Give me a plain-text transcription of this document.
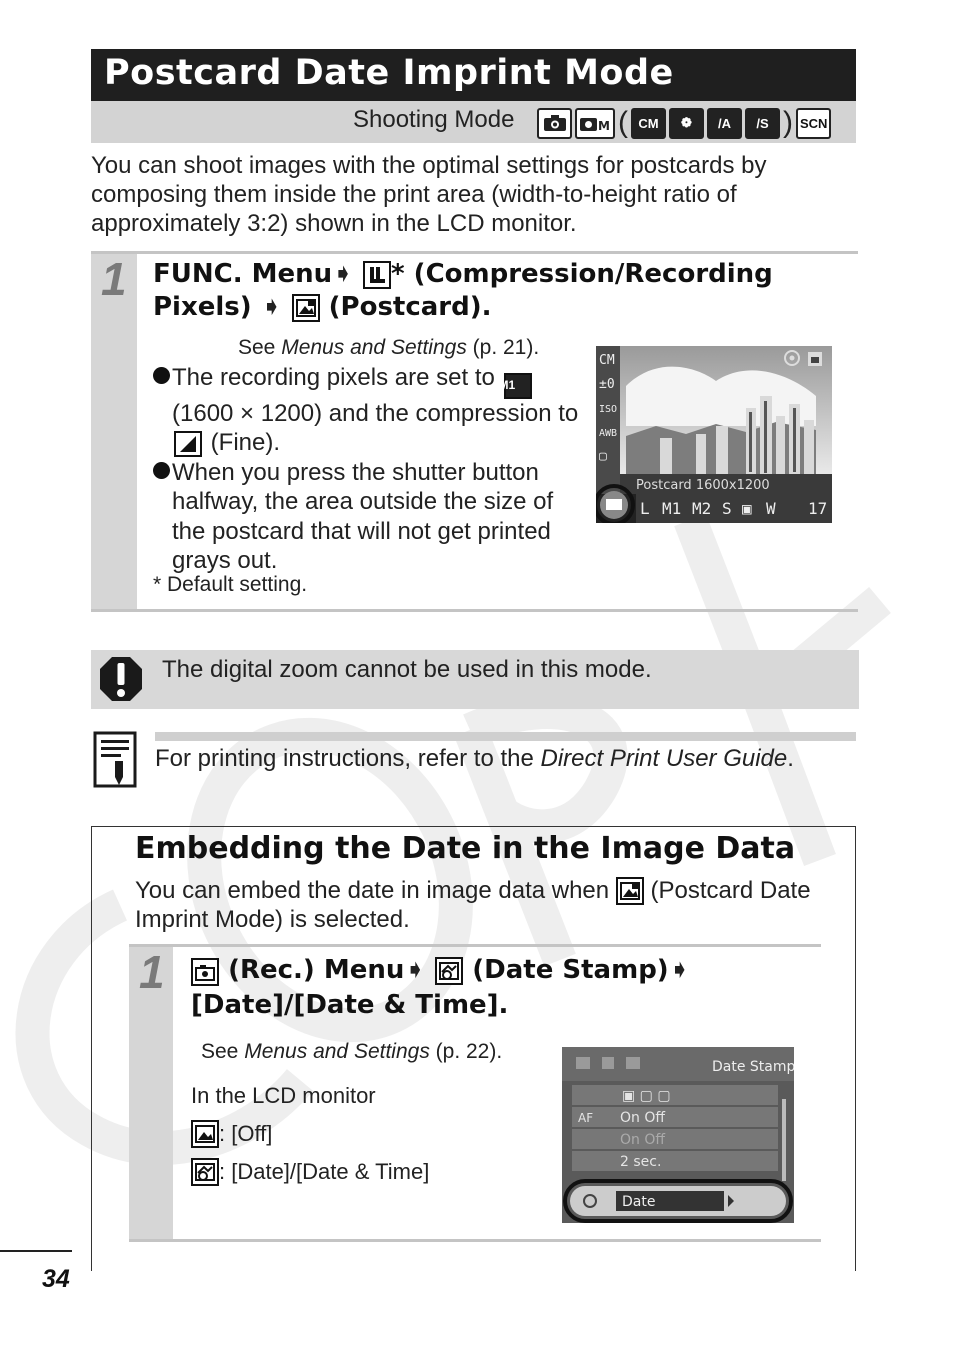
Postcard Date Imprint Mode
Shooting Mode	M ( CM	❁	/A	/S ) SCN

You can shoot images with the optimal settings for postcards by composing them inside the print area (width-to-height ratio of approximately 3:2) shown in the LCD monitor.

1 FUNC. Menu➧ * (Compression/Recording
Pixels) ➧ (Postcard).
See Menus and Settings (p. 21).
The recording pixels are set to M1 (1600 × 1200) and the compression to
(Fine).
When you press the shutter button halfway, the area outside the size of the postcard that will not get printed grays out.
* Default setting.
CM
±0
ISO
AWB
▢
Postcard 1600x1200
L M1 M2 S ▣ W 17
The digital zoom cannot be used in this mode.
For printing instructions, refer to the Direct Print User Guide.
Embedding the Date in the Image Data
You can embed the date in image data when (Postcard Date Imprint Mode) is selected.
1	(Rec.) Menu➧ (Date Stamp)➧
[Date]/[Date & Time].
See Menus and Settings (p. 22).
In the LCD monitor
: [Off]
: [Date]/[Date & Time]
Date Stamp
▣ ▢ ▢
AF On Off
On Off
2 sec.
Date
34
